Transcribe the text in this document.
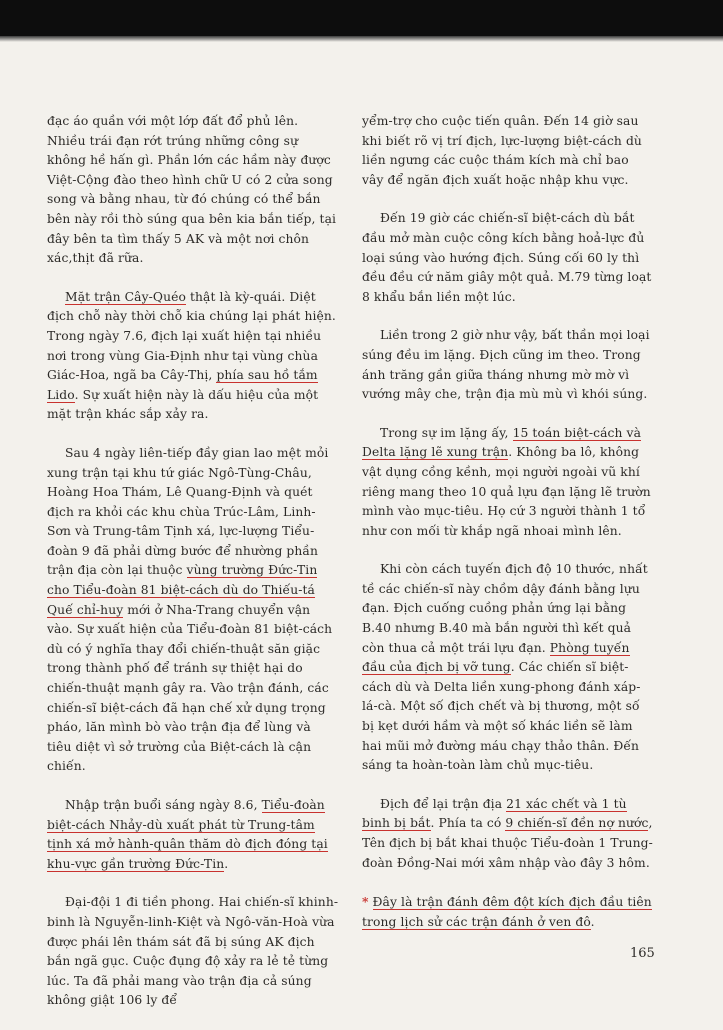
đạc áo quần với một lớp đất đổ phủ lên. Nhiều trái đạn rớt trúng những công sự không hề hấn gì. Phần lớn các hầm này được Việt-Cộng đào theo hình chữ U có 2 cửa song song và bằng nhau, từ đó chúng có thể bắn bên này rồi thò súng qua bên kia bắn tiếp, tại đây bên ta tìm thấy 5 AK và một nơi chôn xác,thịt đã rữa.

Mặt trận Cây-Quéo thật là kỳ-quái. Diệt địch chỗ này thời chỗ kia chúng lại phát hiện. Trong ngày 7.6, địch lại xuất hiện tại nhiều nơi trong vùng Gia-Định như tại vùng chùa Giác-Hoa, ngã ba Cây-Thị, phía sau hồ tắm Lido. Sự xuất hiện này là dấu hiệu của một mặt trận khác sắp xảy ra.

Sau 4 ngày liên-tiếp đầy gian lao mệt mỏi xung trận tại khu tứ giác Ngô-Tùng-Châu, Hoàng Hoa Thám, Lê Quang-Định và quét địch ra khỏi các khu chùa Trúc-Lâm, Linh-Sơn và Trung-tâm Tịnh xá, lực-lượng Tiểu-đoàn 9 đã phải dừng bước để nhường phần trận địa còn lại thuộc vùng trường Đức-Tin cho Tiểu-đoàn 81 biệt-cách dù do Thiếu-tá Quế chỉ-huy mới ở Nha-Trang chuyển vận vào. Sự xuất hiện của Tiểu-đoàn 81 biệt-cách dù có ý nghĩa thay đổi chiến-thuật săn giặc trong thành phố để tránh sự thiệt hại do chiến-thuật mạnh gây ra. Vào trận đánh, các chiến-sĩ biệt-cách đã hạn chế xử dụng trọng pháo, lăn mình bò vào trận địa để lùng và tiêu diệt vì sở trường của Biệt-cách là cận chiến.

Nhập trận buổi sáng ngày 8.6, Tiểu-đoàn biệt-cách Nhảy-dù xuất phát từ Trung-tâm tịnh xá mở hành-quân thăm dò địch đóng tại khu-vực gần trường Đức-Tin.

Đại-đội 1 đi tiền phong. Hai chiến-sĩ khinh-binh là Nguyễn-linh-Kiệt và Ngô-văn-Hoà vừa được phái lên thám sát đã bị súng AK địch bắn ngã gục. Cuộc đụng độ xảy ra lẻ tẻ từng lúc. Ta đã phải mang vào trận địa cả súng không giật 106 ly để

yểm-trợ cho cuộc tiến quân. Đến 14 giờ sau khi biết rõ vị trí địch, lực-lượng biệt-cách dù liền ngưng các cuộc thám kích mà chỉ bao vây để ngăn địch xuất hoặc nhập khu vực.

Đến 19 giờ các chiến-sĩ biệt-cách dù bắt đầu mở màn cuộc công kích bằng hoả-lực đủ loại súng vào hướng địch. Súng cối 60 ly thì đều đều cứ năm giây một quả. M.79 từng loạt 8 khẩu bắn liền một lúc.

Liền trong 2 giờ như vậy, bất thần mọi loại súng đều im lặng. Địch cũng im theo. Trong ánh trăng gần giữa tháng nhưng mờ mờ vì vướng mây che, trận địa mù mù vì khói súng.

Trong sự im lặng ấy, 15 toán biệt-cách và Delta lặng lẽ xung trận. Không ba lô, không vật dụng cồng kềnh, mọi người ngoài vũ khí riêng mang theo 10 quả lựu đạn lặng lẽ trườn mình vào mục-tiêu. Họ cứ 3 người thành 1 tổ như con mối từ khắp ngã nhoai mình lên.

Khi còn cách tuyến địch độ 10 thước, nhất tề các chiến-sĩ này chồm dậy đánh bằng lựu đạn. Địch cuống cuồng phản ứng lại bằng B.40 nhưng B.40 mà bắn người thì kết quả còn thua cả một trái lựu đạn. Phòng tuyến đầu của địch bị vỡ tung. Các chiến sĩ biệt-cách dù và Delta liền xung-phong đánh xáp-lá-cà. Một số địch chết và bị thương, một số bị kẹt dưới hầm và một số khác liền sẽ làm hai mũi mở đường máu chạy thảo thân. Đến sáng ta hoàn-toàn làm chủ mục-tiêu.

Địch để lại trận địa 21 xác chết và 1 tù binh bị bắt. Phía ta có 9 chiến-sĩ đền nợ nước, Tên địch bị bắt khai thuộc Tiểu-đoàn 1 Trung-đoàn Đồng-Nai mới xâm nhập vào đây 3 hôm.

* Đây là trận đánh đêm đột kích địch đầu tiên trong lịch sử các trận đánh ở ven đô.

165
